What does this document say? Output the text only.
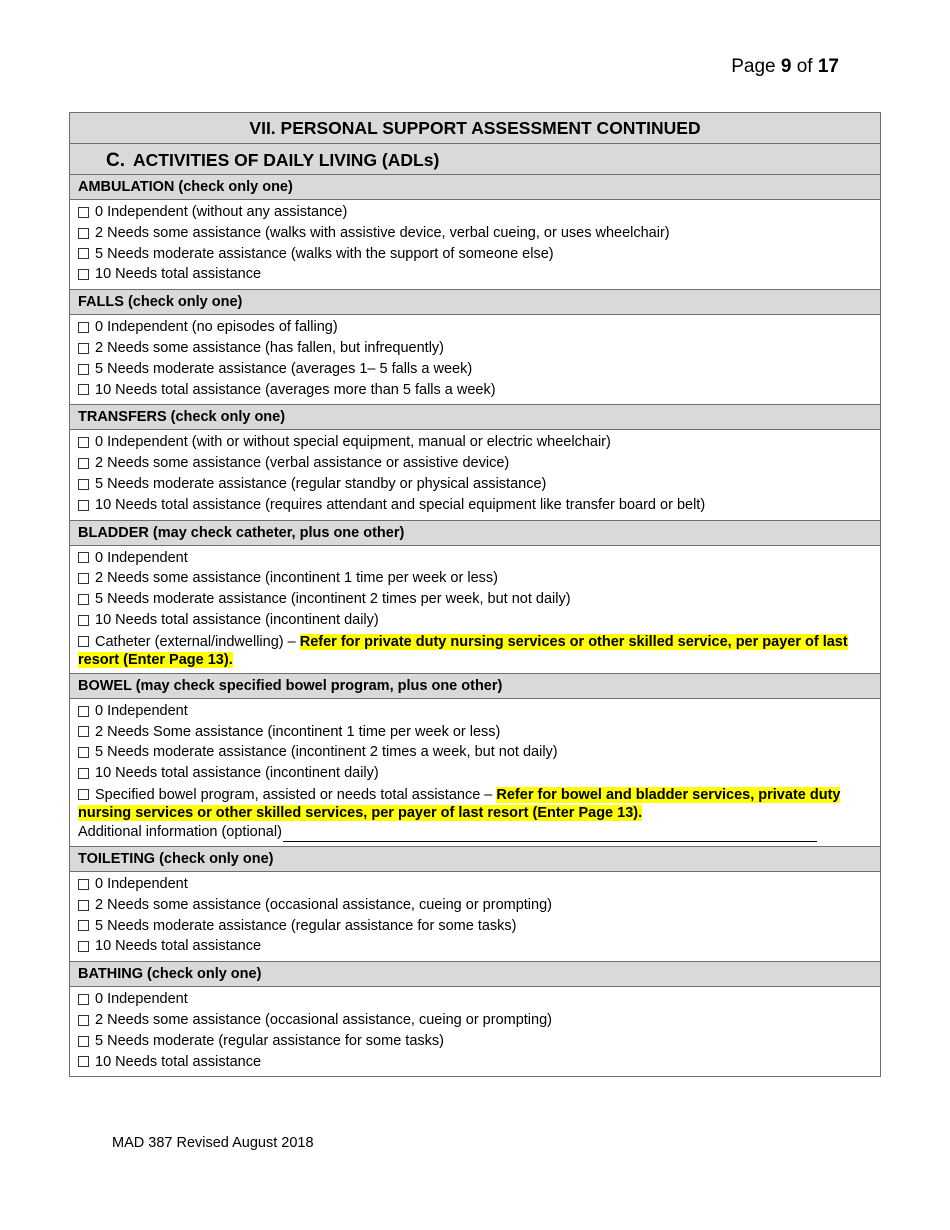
Page 9 of 17
VII. PERSONAL SUPPORT ASSESSMENT CONTINUED
C. ACTIVITIES OF DAILY LIVING (ADLs)
AMBULATION (check only one)
0 Independent (without any assistance)
2 Needs some assistance (walks with assistive device, verbal cueing, or uses wheelchair)
5 Needs moderate assistance (walks with the support of someone else)
10 Needs total assistance
FALLS (check only one)
0 Independent (no episodes of falling)
2 Needs some assistance (has fallen, but infrequently)
5 Needs moderate assistance (averages 1– 5 falls a week)
10 Needs total assistance (averages more than 5 falls a week)
TRANSFERS (check only one)
0 Independent (with or without special equipment, manual or electric wheelchair)
2 Needs some assistance (verbal assistance or assistive device)
5 Needs moderate assistance (regular standby or physical assistance)
10 Needs total assistance (requires attendant and special equipment like transfer board or belt)
BLADDER (may check catheter, plus one other)
0 Independent
2 Needs some assistance (incontinent 1 time per week or less)
5 Needs moderate assistance (incontinent 2 times per week, but not daily)
10 Needs total assistance (incontinent daily)
Catheter (external/indwelling) – Refer for private duty nursing services or other skilled service, per payer of last resort (Enter Page 13).
BOWEL (may check specified bowel program, plus one other)
0 Independent
2 Needs Some assistance (incontinent 1 time per week or less)
5 Needs moderate assistance (incontinent 2 times a week, but not daily)
10 Needs total assistance (incontinent daily)
Specified bowel program, assisted or needs total assistance – Refer for bowel and bladder services, private duty nursing services or other skilled services, per payer of last resort (Enter Page 13).
Additional information (optional)
TOILETING (check only one)
0 Independent
2 Needs some assistance (occasional assistance, cueing or prompting)
5 Needs moderate assistance (regular assistance for some tasks)
10 Needs total assistance
BATHING (check only one)
0 Independent
2 Needs some assistance (occasional assistance, cueing or prompting)
5 Needs moderate (regular assistance for some tasks)
10 Needs total assistance
MAD 387 Revised August 2018
